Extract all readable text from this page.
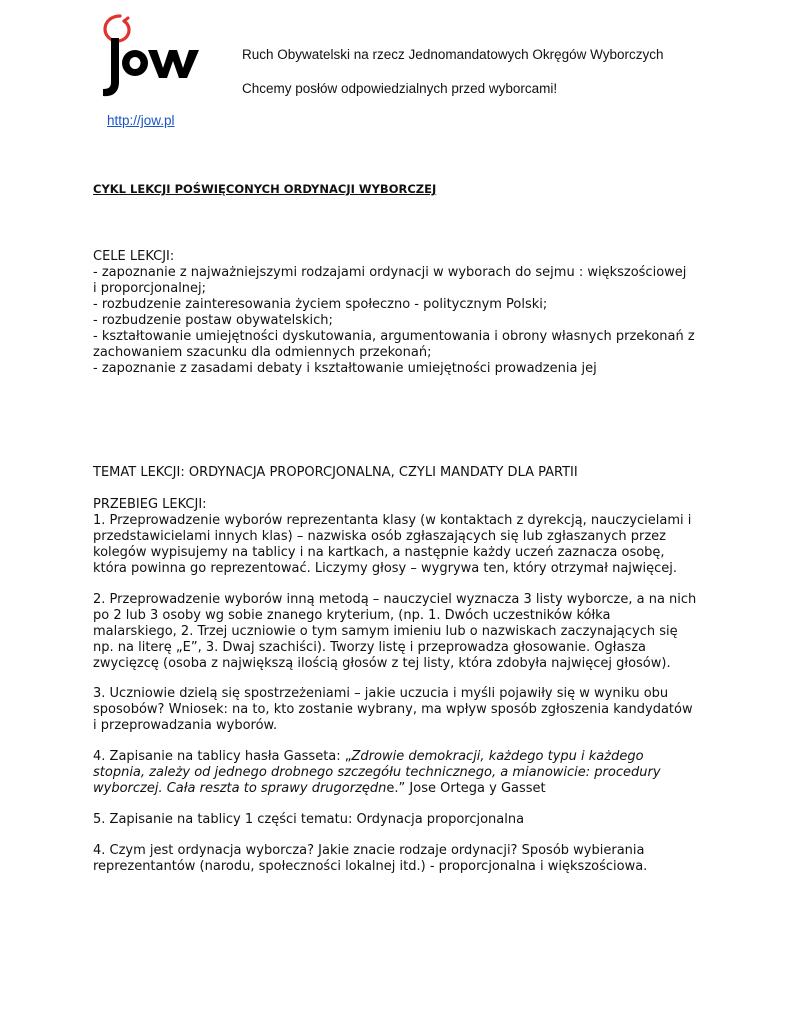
Ruch Obywatelski na rzecz Jednomandatowych Okręgów Wyborczych
Chcemy posłów odpowiedzialnych przed wyborcami!
http://jow.pl
CYKL LEKCJI POŚWIĘCONYCH ORDYNACJI WYBORCZEJ
CELE LEKCJI:
- zapoznanie z najważniejszymi rodzajami ordynacji w wyborach do sejmu : większościowej
i proporcjonalnej;
- rozbudzenie zainteresowania życiem społeczno - politycznym Polski;
- rozbudzenie postaw obywatelskich;
- kształtowanie umiejętności dyskutowania, argumentowania i obrony własnych przekonań z
zachowaniem szacunku dla odmiennych przekonań;
- zapoznanie z zasadami debaty i kształtowanie umiejętności prowadzenia jej
TEMAT LEKCJI: ORDYNACJA PROPORCJONALNA, CZYLI MANDATY DLA PARTII
PRZEBIEG LEKCJI:
1. Przeprowadzenie wyborów reprezentanta klasy (w kontaktach z dyrekcją, nauczycielami i
przedstawicielami innych klas) – nazwiska osób zgłaszających się lub zgłaszanych przez
kolegów wypisujemy na tablicy i na kartkach, a następnie każdy uczeń zaznacza osobę,
która powinna go reprezentować. Liczymy głosy – wygrywa ten, który otrzymał najwięcej.
2. Przeprowadzenie wyborów inną metodą – nauczyciel wyznacza 3 listy wyborcze, a na nich
po 2 lub 3 osoby wg sobie znanego kryterium, (np. 1. Dwóch uczestników kółka
malarskiego, 2. Trzej uczniowie o tym samym imieniu lub o nazwiskach zaczynających się
np. na literę „E”, 3. Dwaj szachiści). Tworzy listę i przeprowadza głosowanie. Ogłasza
zwycięzcę (osoba z największą ilością głosów z tej listy, która zdobyła najwięcej głosów).
3. Uczniowie dzielą się spostrzeżeniami – jakie uczucia i myśli pojawiły się w wyniku obu
sposobów? Wniosek: na to, kto zostanie wybrany, ma wpływ sposób zgłoszenia kandydatów
i przeprowadzania wyborów.
4. Zapisanie na tablicy hasła Gasseta: „Zdrowie demokracji, każdego typu i każdego
stopnia, zależy od jednego drobnego szczegółu technicznego, a mianowicie: procedury
wyborczej. Cała reszta to sprawy drugorzędne.” Jose Ortega y Gasset
5. Zapisanie na tablicy 1 części tematu: Ordynacja proporcjonalna
4. Czym jest ordynacja wyborcza? Jakie znacie rodzaje ordynacji? Sposób wybierania
reprezentantów (narodu, społeczności lokalnej itd.) - proporcjonalna i większościowa.
